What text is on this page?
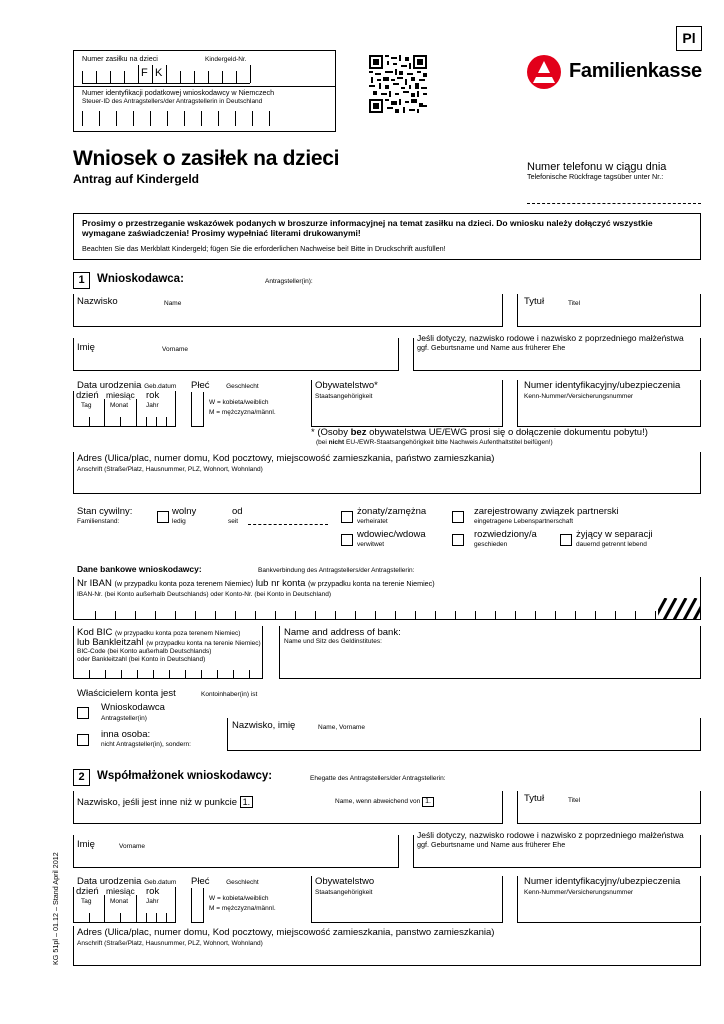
Pl
Familienkasse
Numer zasiłku na dzieci	Kindergeld-Nr.
F K
Numer identyfikacji podatkowej wnioskodawcy w Niemczech
Steuer-ID des Antragstellers/der Antragstellerin in Deutschland
Wniosek o zasiłek na dzieci
Antrag auf Kindergeld
Numer telefonu w ciągu dnia
Telefonische Rückfrage tagsüber unter Nr.:
Prosimy o przestrzeganie wskazówek podanych w broszurze informacyjnej na temat zasiłku na dzieci. Do wniosku należy dołączyć wszystkie wymagane zaświadczenia! Prosimy wypełniać literami drukowanymi!
Beachten Sie das Merkblatt Kindergeld; fügen Sie die erforderlichen Nachweise bei! Bitte in Druckschrift ausfüllen!
1	Wnioskodawca:	Antragsteller(in):
Nazwisko	Name	Tytuł	Titel
Imię	Vorname
Jeśli dotyczy, nazwisko rodowe i nazwisko z poprzedniego małżeństwa
ggf. Geburtsname und Name aus früherer Ehe
Data urodzenia Geb.datum
dzień
Tag
miesiąc
Monat
rok
Jahr
Płeć	Geschlecht
W = kobieta/weiblich
M = mężczyzna/männl.
Obywatelstwo*
Staatsangehörigkeit
Numer identyfikacyjny/ubezpieczenia
Kenn-Nummer/Versicherungsnummer
* (Osoby bez obywatelstwa UE/EWG prosi się o dołączenie dokumentu pobytu!)
(bei nicht EU-/EWR-Staatsangehörigkeit bitte Nachweis Aufenthaltstitel beifügen!)
Adres (Ulica/plac, numer domu, Kod pocztowy, miejscowość zamieszkania, państwo zamieszkania)
Anschrift (Straße/Platz, Hausnummer, PLZ, Wohnort, Wohnland)
Stan cywilny:
Familienstand:
wolny
ledig
od
seit
żonaty/zamężna
verheiratet
zarejestrowany związek partnerski
eingetragene Lebenspartnerschaft
wdowiec/wdowa
verwitwet
rozwiedziony/a
geschieden
żyjący w separacji
dauernd getrennt lebend
Dane bankowe wnioskodawcy:	Bankverbindung des Antragstellers/der Antragstellerin:
Nr IBAN (w przypadku konta poza terenem Niemiec) lub nr konta (w przypadku konta na terenie Niemiec)
IBAN-Nr. (bei Konto außerhalb Deutschlands) oder Konto-Nr. (bei Konto in Deutschland)
Kod BIC (w przypadku konta poza terenem Niemiec)
lub Bankleitzahl (w przypadku konta na terenie Niemiec)
BIC-Code (bei Konto außerhalb Deutschlands)
oder Bankleitzahl (bei Konto in Deutschland)
Name and address of bank:
Name und Sitz des Geldinstitutes:
Właścicielem konta jest	Kontoinhaber(in) ist
Wnioskodawca
Antragsteller(in)
inna osoba:
nicht Antragsteller(in), sondern:
Nazwisko, imię	Name, Vorname
2	Współmałżonek wnioskodawcy:	Ehegatte des Antragstellers/der Antragstellerin:
Nazwisko, jeśli jest inne niż w punkcie 1.	Name, wenn abweichend von 1.	Tytuł	Titel
Imię	Vorname
Jeśli dotyczy, nazwisko rodowe i nazwisko z poprzedniego małżeństwa
ggf. Geburtsname und Name aus früherer Ehe
Data urodzenia Geb.datum
dzień
Tag
miesiąc
Monat
rok
Jahr
Płeć	Geschlecht
W = kobieta/weiblich
M = mężczyzna/männl.
Obywatelstwo
Staatsangehörigkeit
Numer identyfikacyjny/ubezpieczenia
Kenn-Nummer/Versicherungsnummer
Adres (Ulica/plac, numer domu, Kod pocztowy, miejscowość zamieszkania, panstwo zamieszkania)
Anschrift (Straße/Platz, Hausnummer, PLZ, Wohnort, Wohnland)
KG 51pl – 01.12 – Stand April 2012
